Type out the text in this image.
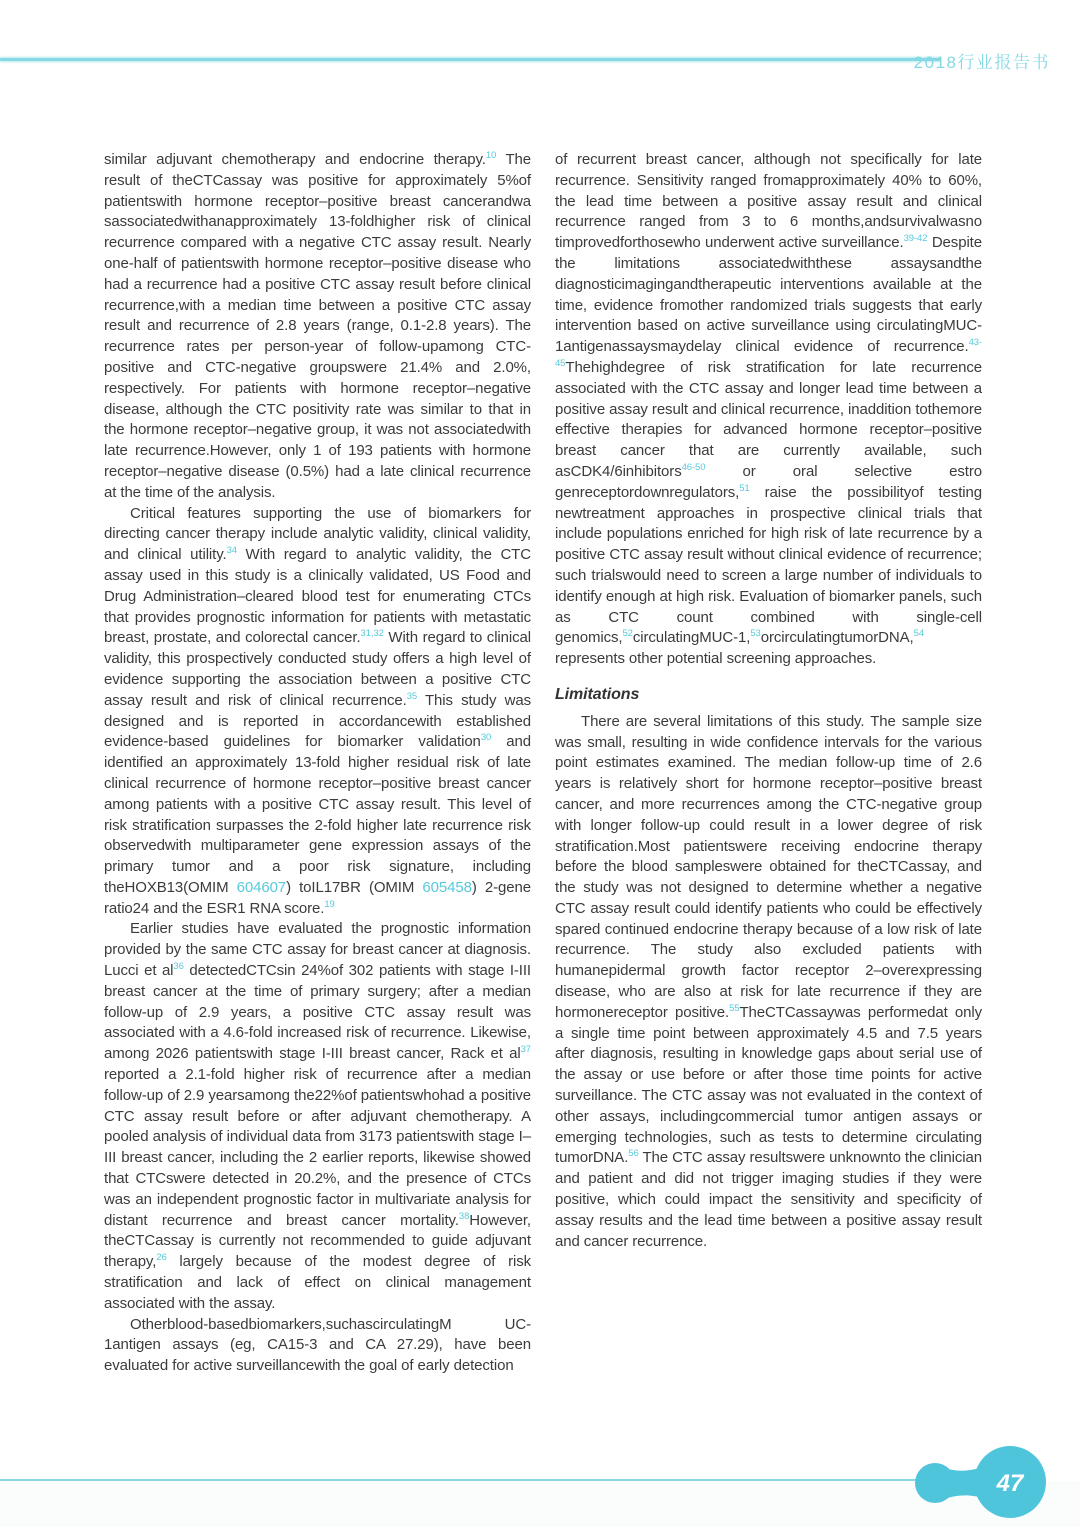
2018行业报告书

similar adjuvant chemotherapy and endocrine therapy.$^{10}$ The result of theCTCassay was positive for approximately 5%of patientswith hormone receptor–positive breast cancerandwa sassociatedwithanapproximately 13-foldhigher risk of clinical recurrence compared with a negative CTC assay result. Nearly one-half of patientswith hormone receptor–positive disease who had a recurrence had a positive CTC assay result before clinical recurrence,with a median time between a positive CTC assay result and recurrence of 2.8 years (range, 0.1-2.8 years). The recurrence rates per person-year of follow-upamong CTC-positive and CTC-negative groupswere 21.4% and 2.0%, respectively. For patients with hormone receptor–negative disease, although the CTC positivity rate was similar to that in the hormone receptor–negative group, it was not associatedwith late recurrence.However, only 1 of 193 patients with hormone receptor–negative disease (0.5%) had a late clinical recurrence at the time of the analysis.

Critical features supporting the use of biomarkers for directing cancer therapy include analytic validity, clinical validity, and clinical utility.$^{34}$ With regard to analytic validity, the CTC assay used in this study is a clinically validated, US Food and Drug Administration–cleared blood test for enumerating CTCs that provides prognostic information for patients with metastatic breast, prostate, and colorectal cancer.$^{31,32}$ With regard to clinical validity, this prospectively conducted study offers a high level of evidence supporting the association between a positive CTC assay result and risk of clinical recurrence.$^{35}$ This study was designed and is reported in accordancewith established evidence-based guidelines for biomarker validation$^{30}$ and identified an approximately 13-fold higher residual risk of late clinical recurrence of hormone receptor–positive breast cancer among patients with a positive CTC assay result. This level of risk stratification surpasses the 2-fold higher late recurrence risk observedwith multiparameter gene expression assays of the primary tumor and a poor risk signature, including theHOXB13(OMIM 604607) toIL17BR (OMIM 605458) 2-gene ratio24 and the ESR1 RNA score.$^{19}$

Earlier studies have evaluated the prognostic information provided by the same CTC assay for breast cancer at diagnosis. Lucci et al$^{36}$ detectedCTCsin 24%of 302 patients with stage I-III breast cancer at the time of primary surgery; after a median follow-up of 2.9 years, a positive CTC assay result was associated with a 4.6-fold increased risk of recurrence. Likewise, among 2026 patientswith stage I-III breast cancer, Rack et al$^{37}$ reported a 2.1-fold higher risk of recurrence after a median follow-up of 2.9 yearsamong the22%of patientswhohad a positive CTC assay result before or after adjuvant chemotherapy. A pooled analysis of individual data from 3173 patientswith stage I–III breast cancer, including the 2 earlier reports, likewise showed that CTCswere detected in 20.2%, and the presence of CTCs was an independent prognostic factor in multivariate analysis for distant recurrence and breast cancer mortality.$^{38}$However, theCTCassay is currently not recommended to guide adjuvant therapy,$^{26}$ largely because of the modest degree of risk stratification and lack of effect on clinical management associated with the assay.

Otherblood-basedbiomarkers,suchascirculatingM UC-1antigen assays (eg, CA15-3 and CA 27.29), have been evaluated for active surveillancewith the goal of early detection

of recurrent breast cancer, although not specifically for late recurrence. Sensitivity ranged fromapproximately 40% to 60%, the lead time between a positive assay result and clinical recurrence ranged from 3 to 6 months,andsurvivalwasno timprovedforthosewho underwent active surveillance.$^{39-42}$ Despite the limitations associatedwiththese assaysandthe diagnosticimagingandtherapeutic interventions available at the time, evidence fromother randomized trials suggests that early intervention based on active surveillance using circulatingMUC-1antigenassaysmaydelay clinical evidence of recurrence.$^{43-45}$Thehighdegree of risk stratification for late recurrence associated with the CTC assay and longer lead time between a positive assay result and clinical recurrence, inaddition tothemore effective therapies for advanced hormone receptor–positive breast cancer that are currently available, such asCDK4/6inhibitors$^{46-50}$ or oral selective estro genreceptordownregulators,$^{51}$ raise the possibilityof testing newtreatment approaches in prospective clinical trials that include populations enriched for high risk of late recurrence by a positive CTC assay result without clinical evidence of recurrence; such trialswould need to screen a large number of individuals to identify enough at high risk. Evaluation of biomarker panels, such as CTC count combined with single-cell genomics,$^{52}$circulatingMUC-1,53orcirculatingtumorDNA,$^{54}$ represents other potential screening approaches.

Limitations

There are several limitations of this study. The sample size was small, resulting in wide confidence intervals for the various point estimates examined. The median follow-up time of 2.6 years is relatively short for hormone receptor–positive breast cancer, and more recurrences among the CTC-negative group with longer follow-up could result in a lower degree of risk stratification.Most patientswere receiving endocrine therapy before the blood sampleswere obtained for theCTCassay, and the study was not designed to determine whether a negative CTC assay result could identify patients who could be effectively spared continued endocrine therapy because of a low risk of late recurrence. The study also excluded patients with humanepidermal growth factor receptor 2–overexpressing disease, who are also at risk for late recurrence if they are hormonereceptor positive.$^{55}$TheCTCassaywas performedat only a single time point between approximately 4.5 and 7.5 years after diagnosis, resulting in knowledge gaps about serial use of the assay or use before or after those time points for active surveillance. The CTC assay was not evaluated in the context of other assays, includingcommercial tumor antigen assays or emerging technologies, such as tests to determine circulating tumorDNA.$^{56}$ The CTC assay resultswere unknownto the clinician and patient and did not trigger imaging studies if they were positive, which could impact the sensitivity and specificity of assay results and the lead time between a positive assay result and cancer recurrence.

47
